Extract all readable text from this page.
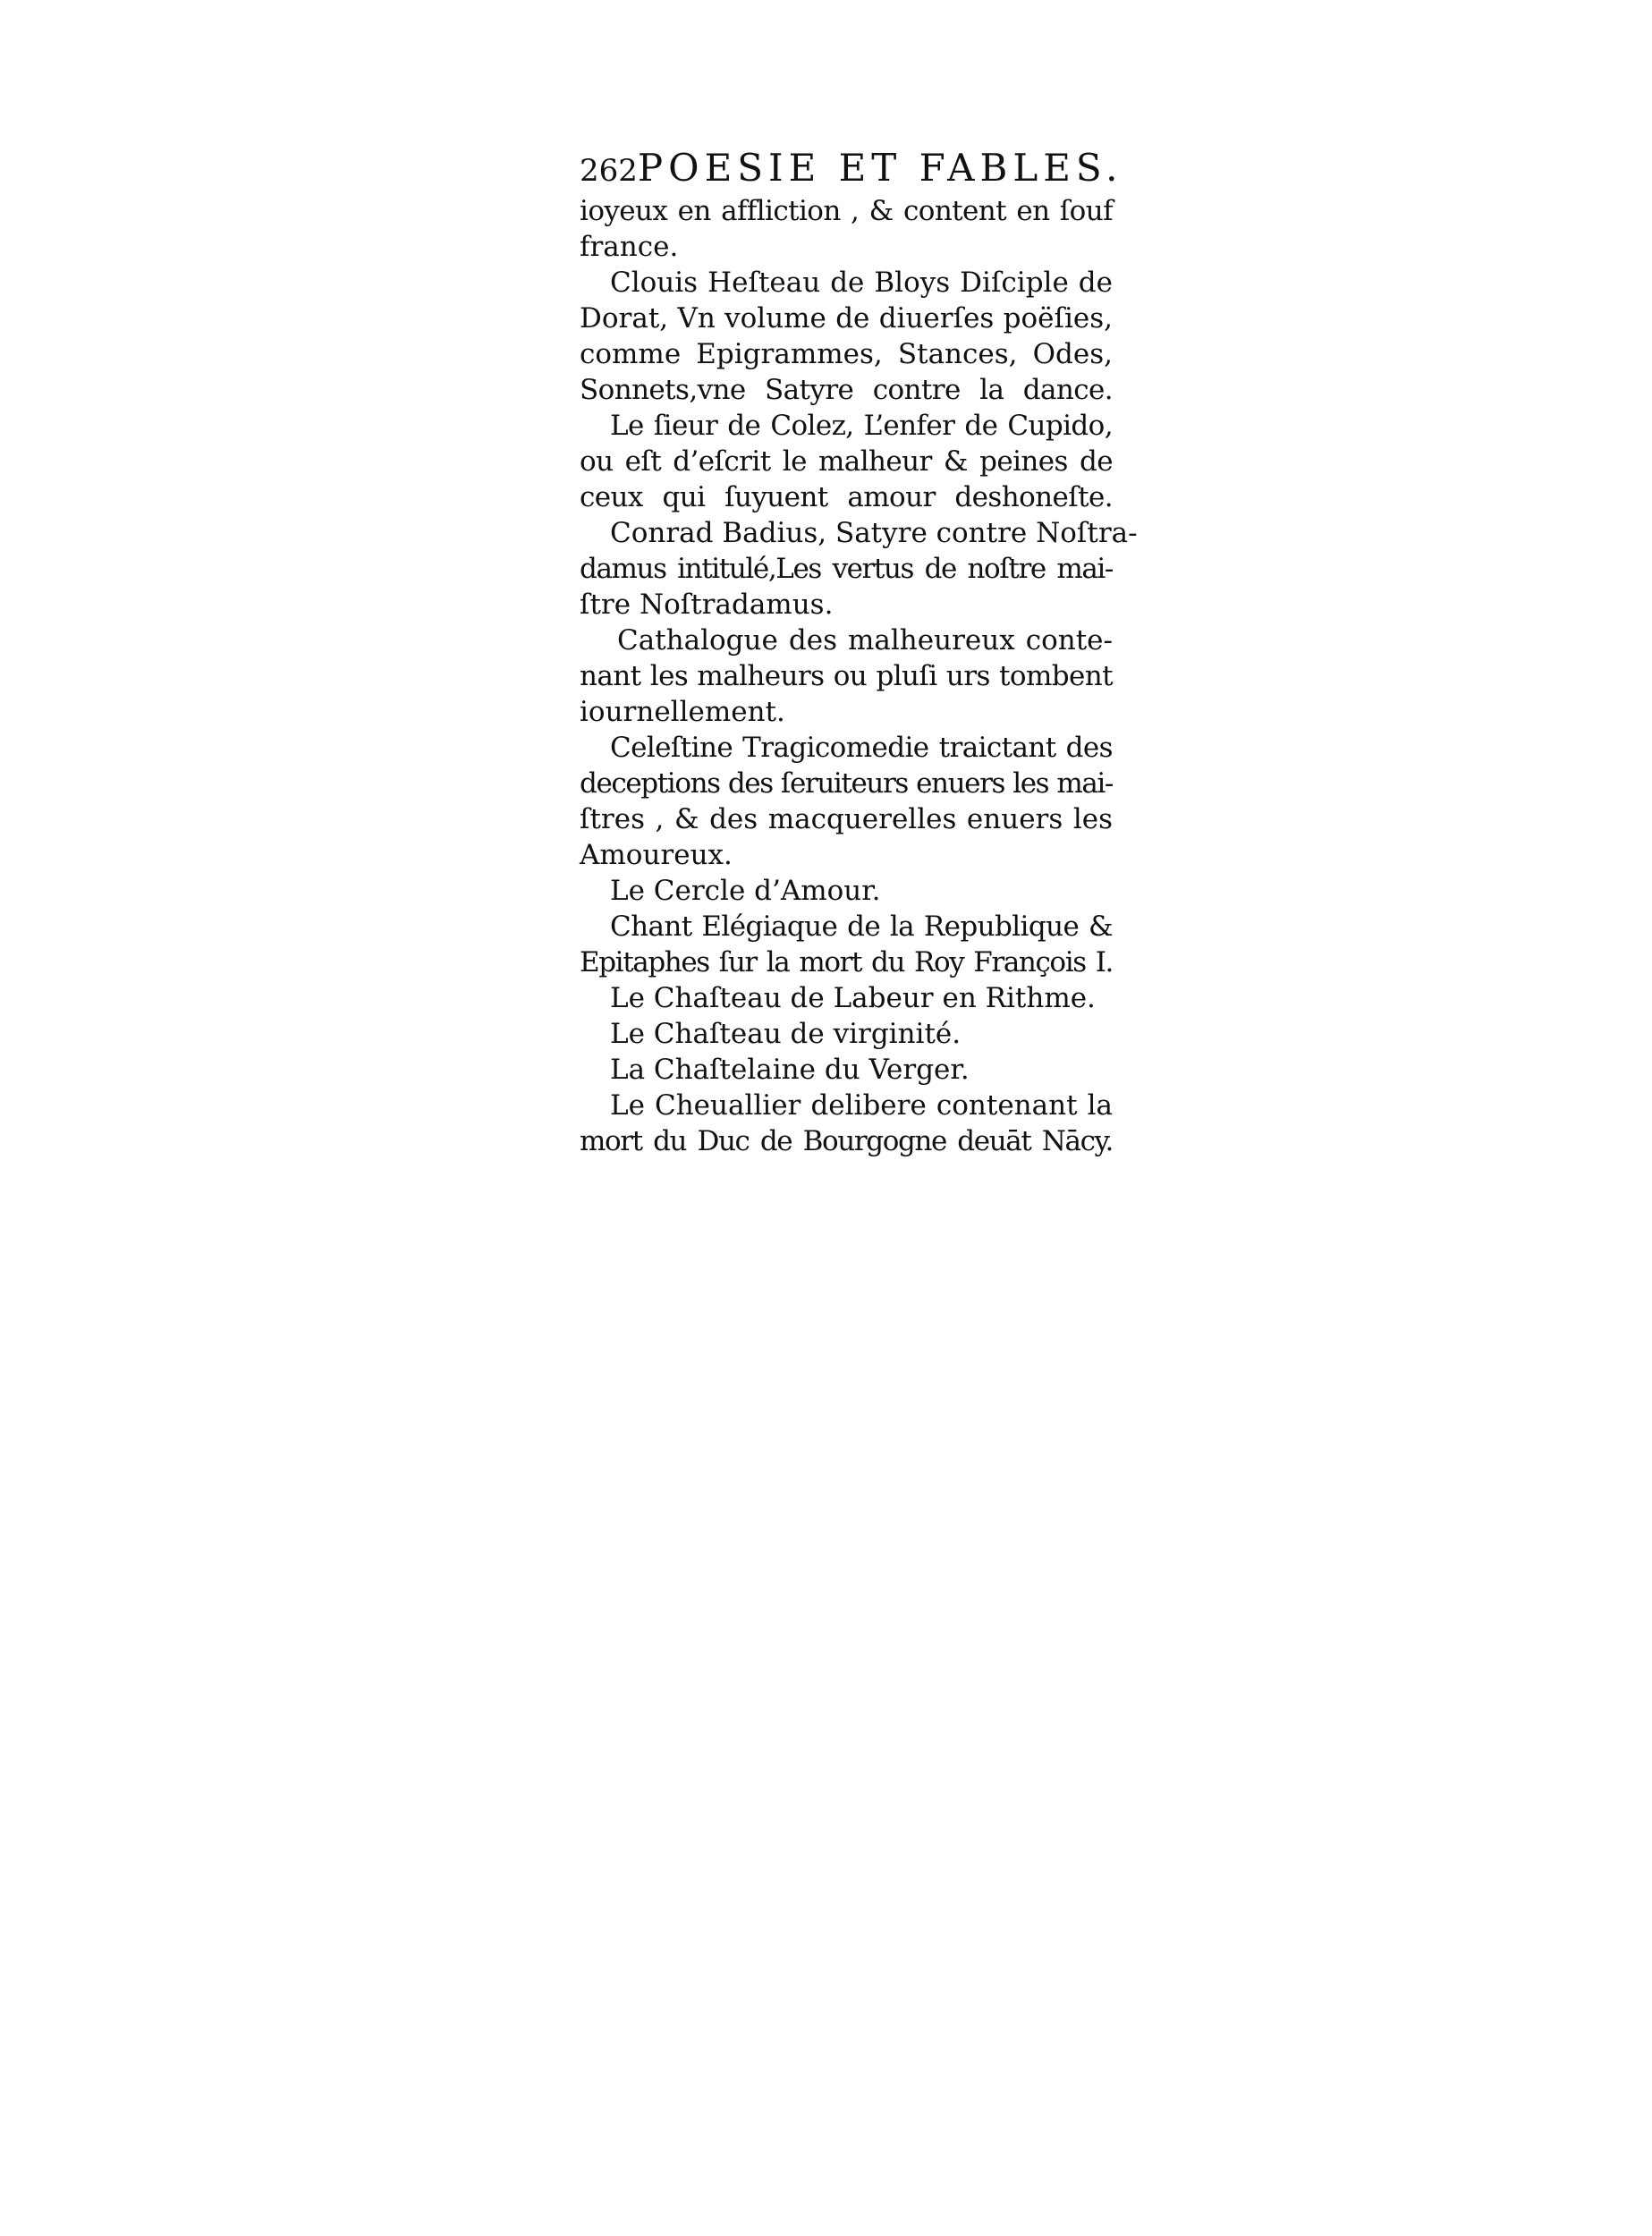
262 POESIE ET FABLES.
ioyeux en affliction , & content en ſouf
france.
Clouis Heſteau de Bloys Diſciple de
Dorat, Vn volume de diuerſes poëſies,
comme Epigrammes, Stances, Odes,
Sonnets,vne Satyre contre la dance.
Le ſieur de Colez, L’enfer de Cupido,
ou eſt d’eſcrit le malheur & peines de
ceux qui ſuyuent amour deshoneſte.
Conrad Badius, Satyre contre Noſtra-
damus intitulé,Les vertus de noſtre mai-
ſtre Noſtradamus.
Cathalogue des malheureux conte-
nant les malheurs ou pluſi urs tombent
iournellement.
Celeſtine Tragicomedie traictant des
deceptions des ſeruiteurs enuers les mai-
ſtres , & des macquerelles enuers les
Amoureux.
Le Cercle d’Amour.
Chant Elégiaque de la Republique &
Epitaphes ſur la mort du Roy François I.
Le Chaſteau de Labeur en Rithme.
Le Chaſteau de virginité.
La Chaſtelaine du Verger.
Le Cheuallier delibere contenant la
mort du Duc de Bourgogne deuāt Nācy.
